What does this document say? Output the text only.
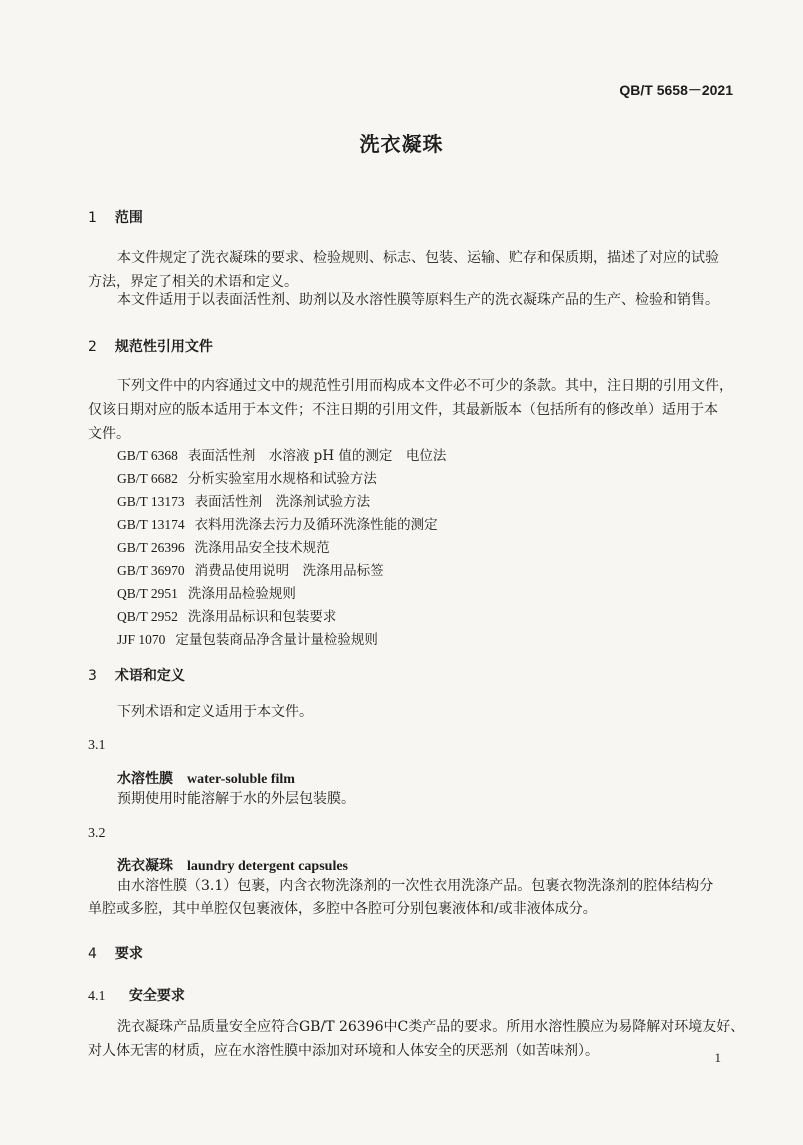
QB/T 5658－2021
洗衣凝珠
1 范围
本文件规定了洗衣凝珠的要求、检验规则、标志、包装、运输、贮存和保质期，描述了对应的试验
方法，界定了相关的术语和定义。
本文件适用于以表面活性剂、助剂以及水溶性膜等原料生产的洗衣凝珠产品的生产、检验和销售。
2 规范性引用文件
下列文件中的内容通过文中的规范性引用而构成本文件必不可少的条款。其中，注日期的引用文件，
仅该日期对应的版本适用于本文件；不注日期的引用文件，其最新版本（包括所有的修改单）适用于本
文件。
GB/T 6368 表面活性剂　水溶液 pH 值的测定　电位法
GB/T 6682 分析实验室用水规格和试验方法
GB/T 13173 表面活性剂　洗涤剂试验方法
GB/T 13174 衣料用洗涤去污力及循环洗涤性能的测定
GB/T 26396 洗涤用品安全技术规范
GB/T 36970 消费品使用说明　洗涤用品标签
QB/T 2951 洗涤用品检验规则
QB/T 2952 洗涤用品标识和包装要求
JJF 1070 定量包装商品净含量计量检验规则
3 术语和定义
下列术语和定义适用于本文件。
3.1
水溶性膜 water-soluble film
预期使用时能溶解于水的外层包装膜。
3.2
洗衣凝珠 laundry detergent capsules
由水溶性膜（3.1）包裹，内含衣物洗涤剂的一次性衣用洗涤产品。包裹衣物洗涤剂的腔体结构分
单腔或多腔，其中单腔仅包裹液体，多腔中各腔可分别包裹液体和/或非液体成分。
4 要求
4.1 安全要求
洗衣凝珠产品质量安全应符合GB/T 26396中C类产品的要求。所用水溶性膜应为易降解对环境友好、
对人体无害的材质，应在水溶性膜中添加对环境和人体安全的厌恶剂（如苦味剂）。	1
